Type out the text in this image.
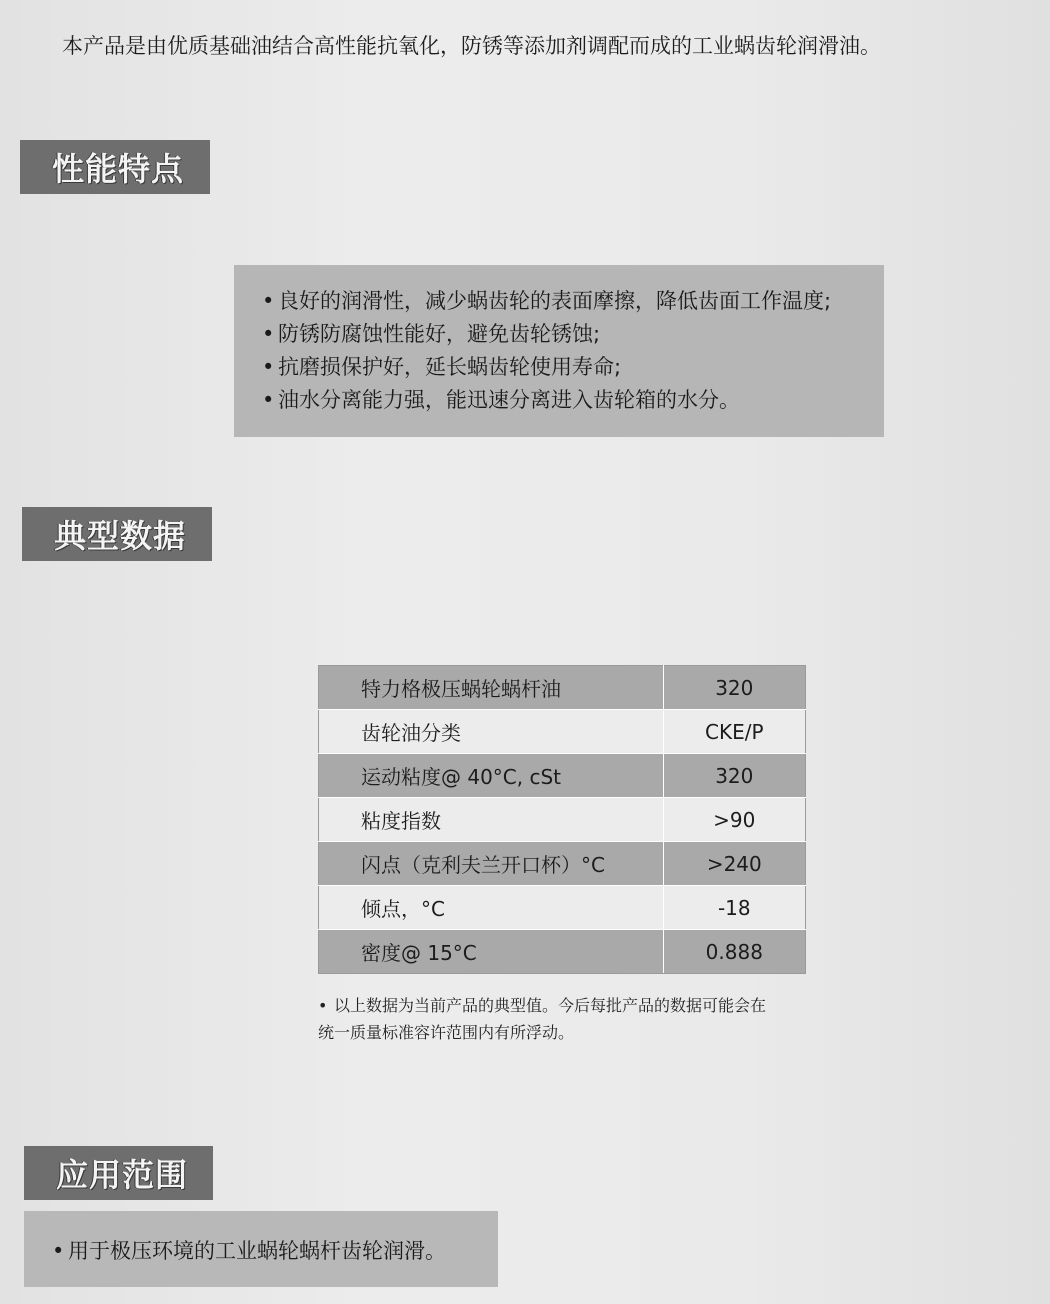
本产品是由优质基础油结合高性能抗氧化，防锈等添加剂调配而成的工业蜗齿轮润滑油。
性能特点
• 良好的润滑性，减少蜗齿轮的表面摩擦，降低齿面工作温度;
• 防锈防腐蚀性能好，避免齿轮锈蚀;
• 抗磨损保护好，延长蜗齿轮使用寿命;
• 油水分离能力强，能迅速分离进入齿轮箱的水分。
典型数据
特力格极压蜗轮蜗杆油	320
齿轮油分类	CKE/P
运动粘度@ 40°C, cSt	320
粘度指数	>90
闪点（克利夫兰开口杯）°C	>240
倾点，°C	-18
密度@ 15°C	0.888
• 以上数据为当前产品的典型值。今后每批产品的数据可能会在
统一质量标准容许范围内有所浮动。
应用范围
• 用于极压环境的工业蜗轮蜗杆齿轮润滑。
